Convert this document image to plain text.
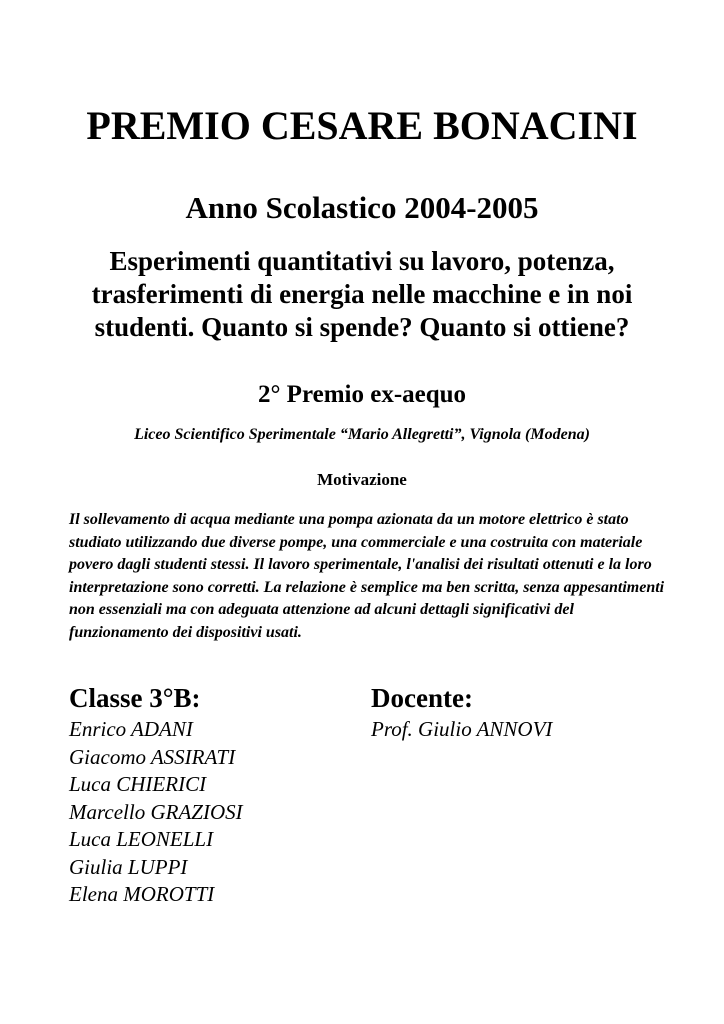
PREMIO CESARE BONACINI
Anno Scolastico 2004-2005
Esperimenti quantitativi su lavoro, potenza, trasferimenti di energia nelle macchine e in noi studenti. Quanto si spende? Quanto si ottiene?
2° Premio ex-aequo
Liceo Scientifico Sperimentale “Mario Allegretti”, Vignola (Modena)
Motivazione

Il sollevamento di acqua mediante una pompa azionata da un motore elettrico è stato studiato utilizzando due diverse pompe, una commerciale e una costruita con materiale povero dagli studenti stessi. Il lavoro sperimentale, l'analisi dei risultati ottenuti e la loro interpretazione sono corretti. La relazione è semplice ma ben scritta, senza appesantimenti non essenziali ma con adeguata attenzione ad alcuni dettagli significativi del funzionamento dei dispositivi usati.

Classe 3°B:
Enrico ADANI
Giacomo ASSIRATI
Luca CHIERICI
Marcello GRAZIOSI
Luca LEONELLI
Giulia LUPPI
Elena MOROTTI
Docente:
Prof. Giulio ANNOVI
